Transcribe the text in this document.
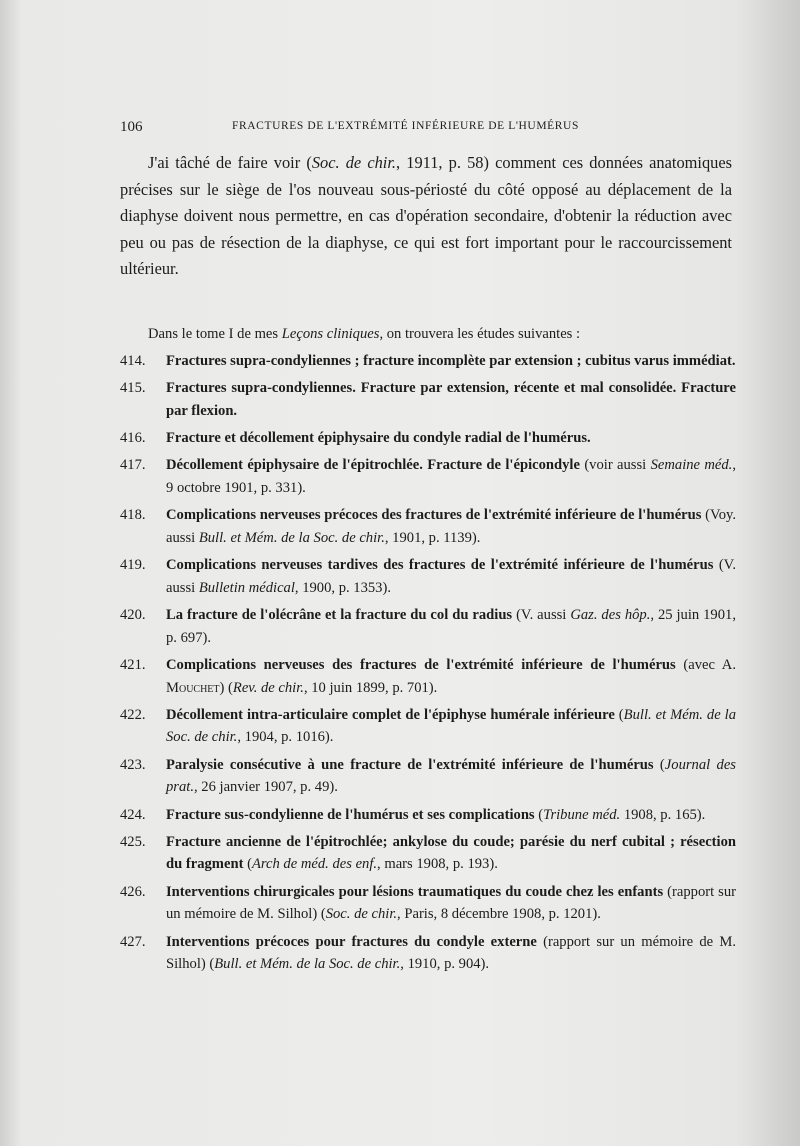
106	FRACTURES DE L'EXTRÉMITÉ INFÉRIEURE DE L'HUMÉRUS

J'ai tâché de faire voir (Soc. de chir., 1911, p. 58) comment ces données anatomiques précises sur le siège de l'os nouveau sous-périosté du côté opposé au déplacement de la diaphyse doivent nous permettre, en cas d'opération secondaire, d'obtenir la réduction avec peu ou pas de résection de la diaphyse, ce qui est fort important pour le raccourcissement ultérieur.

Dans le tome I de mes Leçons cliniques, on trouvera les études suivantes :
414.	Fractures supra-condyliennes ; fracture incomplète par extension ; cubitus varus immédiat.
415.	Fractures supra-condyliennes. Fracture par extension, récente et mal consolidée. Fracture par flexion.
416.	Fracture et décollement épiphysaire du condyle radial de l'humérus.
417.	Décollement épiphysaire de l'épitrochlée. Fracture de l'épicondyle (voir aussi Semaine méd., 9 octobre 1901, p. 331).
418.	Complications nerveuses précoces des fractures de l'extrémité inférieure de l'humérus (Voy. aussi Bull. et Mém. de la Soc. de chir., 1901, p. 1139).
419.	Complications nerveuses tardives des fractures de l'extrémité inférieure de l'humérus (V. aussi Bulletin médical, 1900, p. 1353).
420.	La fracture de l'olécrâne et la fracture du col du radius (V. aussi Gaz. des hôp., 25 juin 1901, p. 697).
421.	Complications nerveuses des fractures de l'extrémité inférieure de l'humérus (avec A. Mouchet) (Rev. de chir., 10 juin 1899, p. 701).
422.	Décollement intra-articulaire complet de l'épiphyse humérale inférieure (Bull. et Mém. de la Soc. de chir., 1904, p. 1016).
423.	Paralysie consécutive à une fracture de l'extrémité inférieure de l'humérus (Journal des prat., 26 janvier 1907, p. 49).
424.	Fracture sus-condylienne de l'humérus et ses complications (Tribune méd. 1908, p. 165).
425.	Fracture ancienne de l'épitrochlée; ankylose du coude; parésie du nerf cubital ; résection du fragment (Arch de méd. des enf., mars 1908, p. 193).
426.	Interventions chirurgicales pour lésions traumatiques du coude chez les enfants (rapport sur un mémoire de M. Silhol) (Soc. de chir., Paris, 8 décembre 1908, p. 1201).
427.	Interventions précoces pour fractures du condyle externe (rapport sur un mémoire de M. Silhol) (Bull. et Mém. de la Soc. de chir., 1910, p. 904).
